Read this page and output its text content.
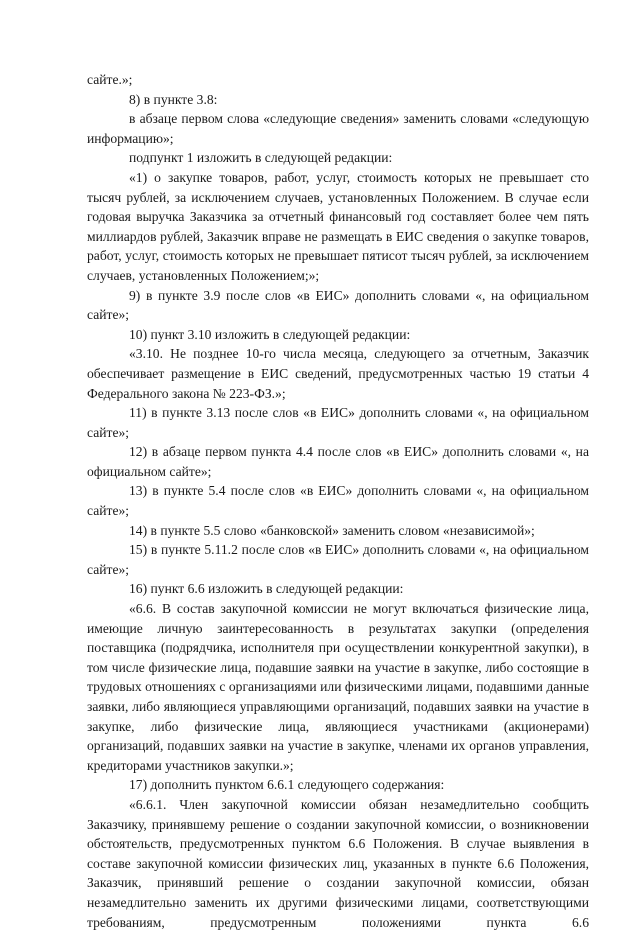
сайте.»;

8) в пункте 3.8:

в абзаце первом слова «следующие сведения» заменить словами «следующую информацию»;

подпункт 1 изложить в следующей редакции:

«1) о закупке товаров, работ, услуг, стоимость которых не превышает сто тысяч рублей, за исключением случаев, установленных Положением. В случае если годовая выручка Заказчика за отчетный финансовый год составляет более чем пять миллиардов рублей, Заказчик вправе не размещать в ЕИС сведения о закупке товаров, работ, услуг, стоимость которых не превышает пятисот тысяч рублей, за исключением случаев, установленных Положением;»;

9) в пункте 3.9 после слов «в ЕИС» дополнить словами «, на официальном сайте»;

10) пункт 3.10 изложить в следующей редакции:

«3.10. Не позднее 10-го числа месяца, следующего за отчетным, Заказчик обеспечивает размещение в ЕИС сведений, предусмотренных частью 19 статьи 4 Федерального закона № 223-ФЗ.»;

11) в пункте 3.13 после слов «в ЕИС» дополнить словами «, на официальном сайте»;

12) в абзаце первом пункта 4.4 после слов «в ЕИС» дополнить словами «, на официальном сайте»;

13) в пункте 5.4 после слов «в ЕИС» дополнить словами «, на официальном сайте»;

14) в пункте 5.5 слово «банковской» заменить словом «независимой»;

15) в пункте 5.11.2 после слов «в ЕИС» дополнить словами «, на официальном сайте»;

16) пункт 6.6 изложить в следующей редакции:

«6.6. В состав закупочной комиссии не могут включаться физические лица, имеющие личную заинтересованность в результатах закупки (определения поставщика (подрядчика, исполнителя при осуществлении конкурентной закупки), в том числе физические лица, подавшие заявки на участие в закупке, либо состоящие в трудовых отношениях с организациями или физическими лицами, подавшими данные заявки, либо являющиеся управляющими организаций, подавших заявки на участие в закупке, либо физические лица, являющиеся участниками (акционерами) организаций, подавших заявки на участие в закупке, членами их органов управления, кредиторами участников закупки.»;

17) дополнить пунктом 6.6.1 следующего содержания:

«6.6.1. Член закупочной комиссии обязан незамедлительно сообщить Заказчику, принявшему решение о создании закупочной комиссии, о возникновении обстоятельств, предусмотренных пунктом 6.6 Положения. В случае выявления в составе закупочной комиссии физических лиц, указанных в пункте 6.6 Положения, Заказчик, принявший решение о создании закупочной комиссии, обязан незамедлительно заменить их другими физическими лицами, соответствующими требованиям, предусмотренным положениями пункта 6.6
